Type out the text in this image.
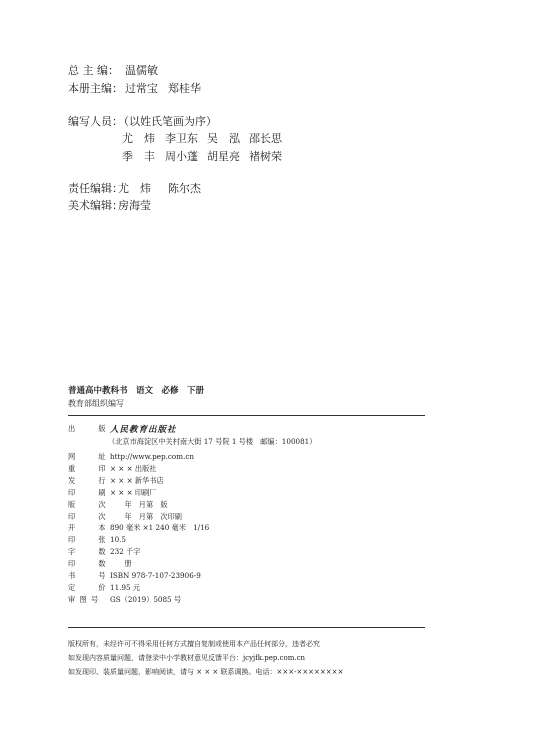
总 主 编： 温儒敏
本册主编： 过常宝 郑桂华
编写人员：
（以姓氏笔画为序）
尤　炜 李卫东 吴　泓 邵长思
季　丰 周小蓬 胡星亮 褚树荣
责任编辑：
尤　炜 陈尔杰
美术编辑：
房海莹
普通高中教科书　语文　必修　下册
教育部组织编写
出　版
人民教育出版社
（北京市海淀区中关村南大街 17 号院 1 号楼　邮编：100081）
网　址
http://www.pep.com.cn
重　印
× × × 出版社
发　行
× × × 新华书店
印　刷
× × × 印刷厂
版　次
　　年　月第　版
印　次
　　年　月第　次印刷
开　本
890 毫米 ×1 240 毫米　1/16
印　张
10.5
字　数
232 千字
印　数
　　册
书　号
ISBN 978-7-107-23906-9
定　价
11.95 元
审 图 号	GS（2019）5085 号
版权所有，未经许可不得采用任何方式擅自复制或使用本产品任何部分，违者必究
如发现内容质量问题，请登录中小学教材意见反馈平台：jcyjfk.pep.com.cn
如发现印、装质量问题，影响阅读，请与 × × × 联系调换。电话：×××-××××××××
